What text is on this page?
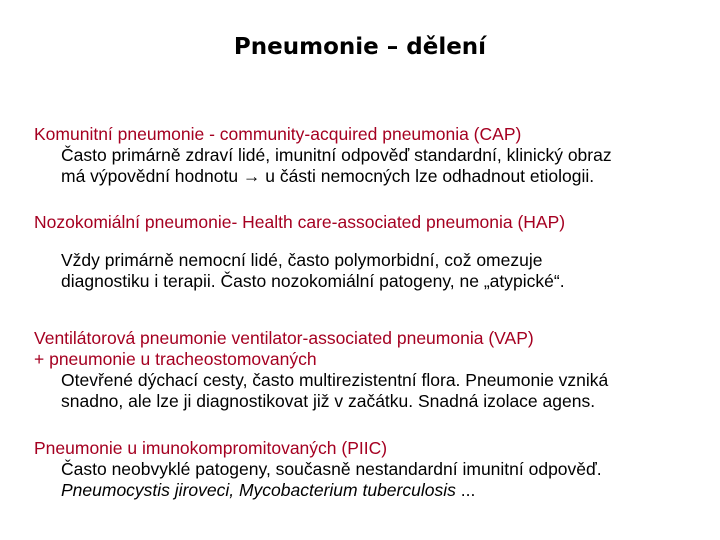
Pneumonie – dělení
Komunitní pneumonie - community-acquired pneumonia (CAP)
Často primárně zdraví lidé, imunitní odpověď standardní, klinický obraz
má výpovědní hodnotu → u části nemocných lze odhadnout etiologii.
Nozokomiální pneumonie- Health care-associated pneumonia (HAP)
Vždy primárně nemocní lidé, často polymorbidní, což omezuje
diagnostiku i terapii. Často nozokomiální patogeny, ne „atypické“.
Ventilátorová pneumonie ventilator-associated pneumonia (VAP)
+ pneumonie u tracheostomovaných
Otevřené dýchací cesty, často multirezistentní flora. Pneumonie vzniká
snadno, ale lze ji diagnostikovat již v začátku. Snadná izolace agens.
Pneumonie u imunokompromitovaných (PIIC)
Často neobvyklé patogeny, současně nestandardní imunitní odpověď.
Pneumocystis jiroveci, Mycobacterium tuberculosis ...
